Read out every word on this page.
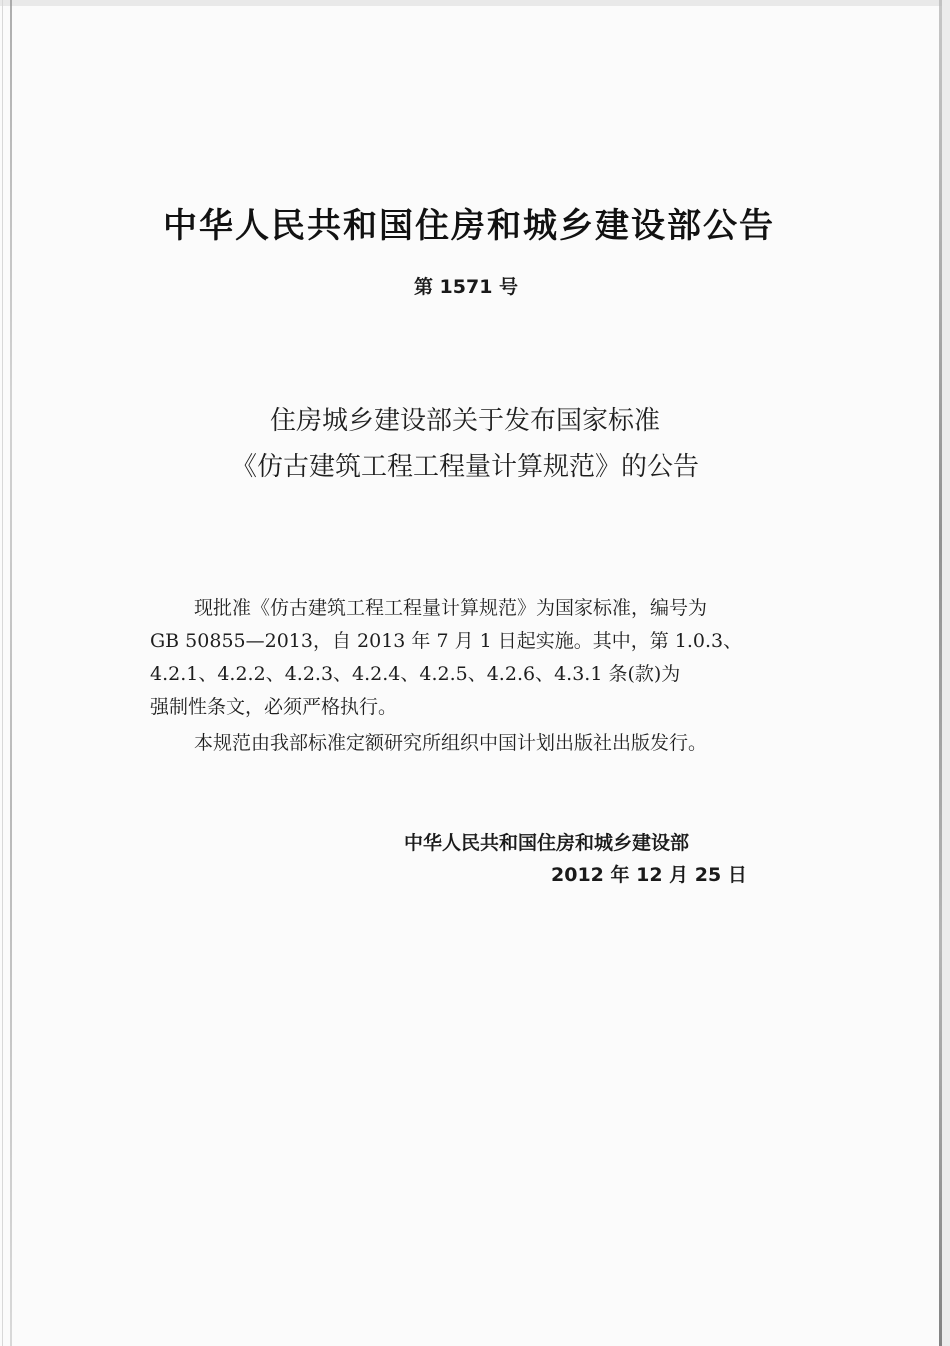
中华人民共和国住房和城乡建设部公告
第 1571 号
住房城乡建设部关于发布国家标准
《仿古建筑工程工程量计算规范》的公告
现批准《仿古建筑工程工程量计算规范》为国家标准，编号为
GB 50855—2013，自 2013 年 7 月 1 日起实施。其中，第 1.0.3、
4.2.1、4.2.2、4.2.3、4.2.4、4.2.5、4.2.6、4.3.1 条(款)为
强制性条文，必须严格执行。
本规范由我部标准定额研究所组织中国计划出版社出版发行。
中华人民共和国住房和城乡建设部
2012 年 12 月 25 日
